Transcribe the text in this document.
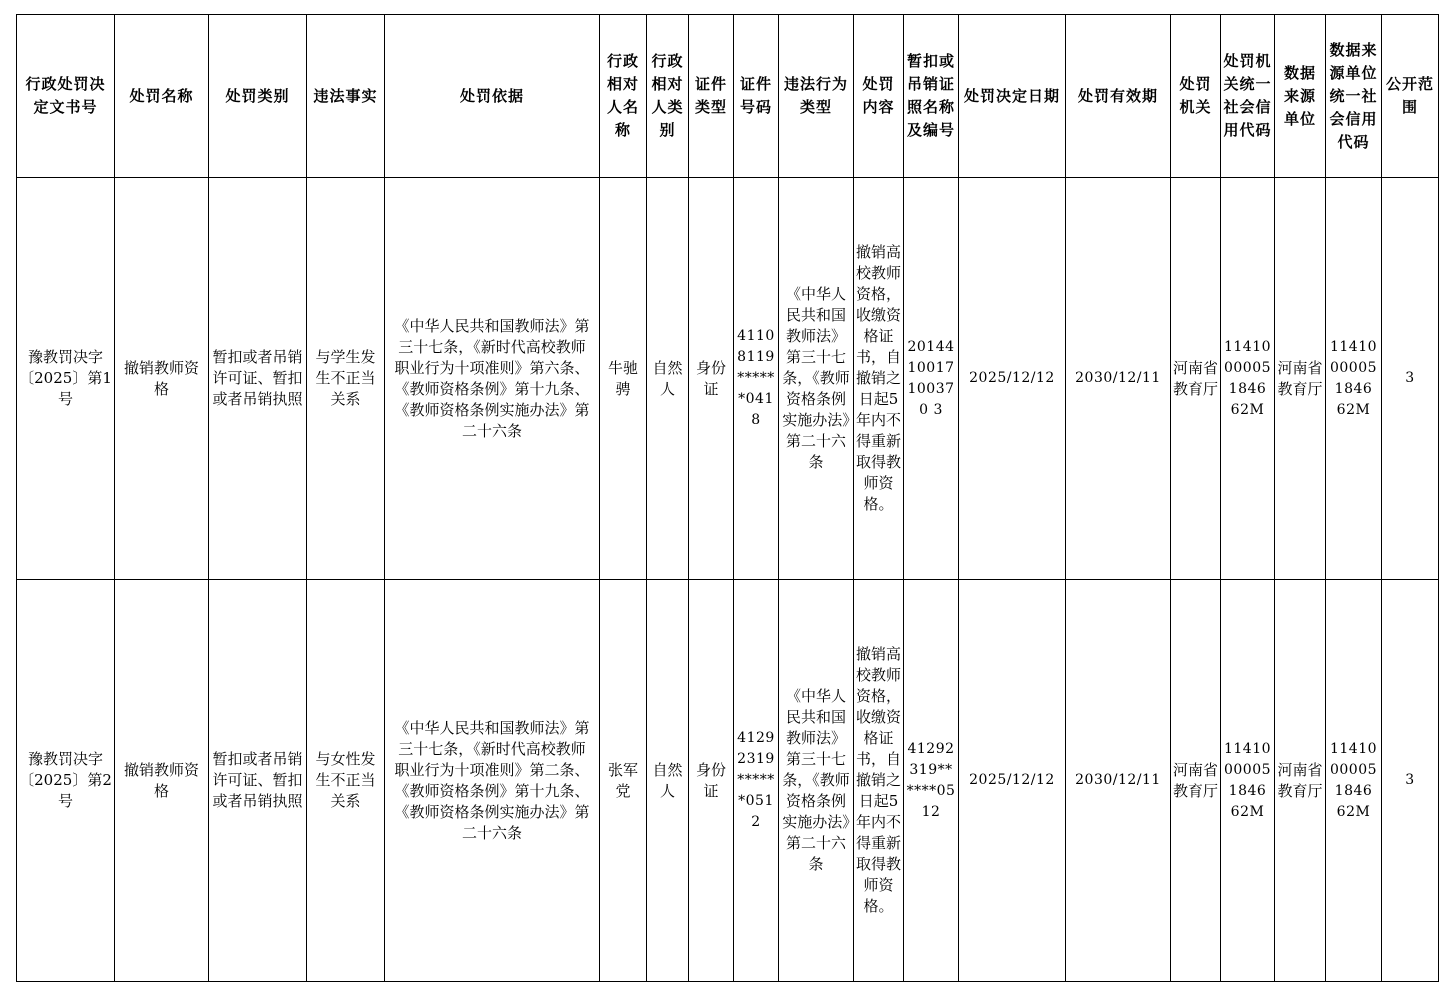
行政处罚决定文书号	处罚名称	处罚类别	违法事实	处罚依据	行政相对人名称	行政相对人类别	证件类型	证件号码	违法行为类型	处罚内容	暂扣或吊销证照名称及编号	处罚决定日期	处罚有效期	处罚机关	处罚机关统一社会信用代码	数据来源单位	数据来源单位统一社会信用代码	公开范围
豫教罚决字〔2025〕第1号	撤销教师资格	暂扣或者吊销许可证、暂扣或者吊销执照	与学生发生不正当关系	《中华人民共和国教师法》第三十七条，《新时代高校教师职业行为十项准则》第六条、《教师资格条例》第十九条、《教师资格条例实施办法》第二十六条	牛驰骋	自然人	身份证	41108119******0418	《中华人民共和国教师法》第三十七条，《教师资格条例实施办法》第二十六条	撤销高校教师资格，收缴资格证书，自撤销之日起5年内不得重新取得教师资格。	2014410017100370 3	2025/12/12	2030/12/11	河南省教育厅	11410000051846 62M	河南省教育厅	11410000051846 62M	3
豫教罚决字〔2025〕第2号	撤销教师资格	暂扣或者吊销许可证、暂扣或者吊销执照	与女性发生不正当关系	《中华人民共和国教师法》第三十七条，《新时代高校教师职业行为十项准则》第二条、《教师资格条例》第十九条、《教师资格条例实施办法》第二十六条	张军党	自然人	身份证	41292319******0512	《中华人民共和国教师法》第三十七条，《教师资格条例实施办法》第二十六条	撤销高校教师资格，收缴资格证书，自撤销之日起5年内不得重新取得教师资格。	41292319******0512	2025/12/12	2030/12/11	河南省教育厅	11410000051846 62M	河南省教育厅	11410000051846 62M	3
